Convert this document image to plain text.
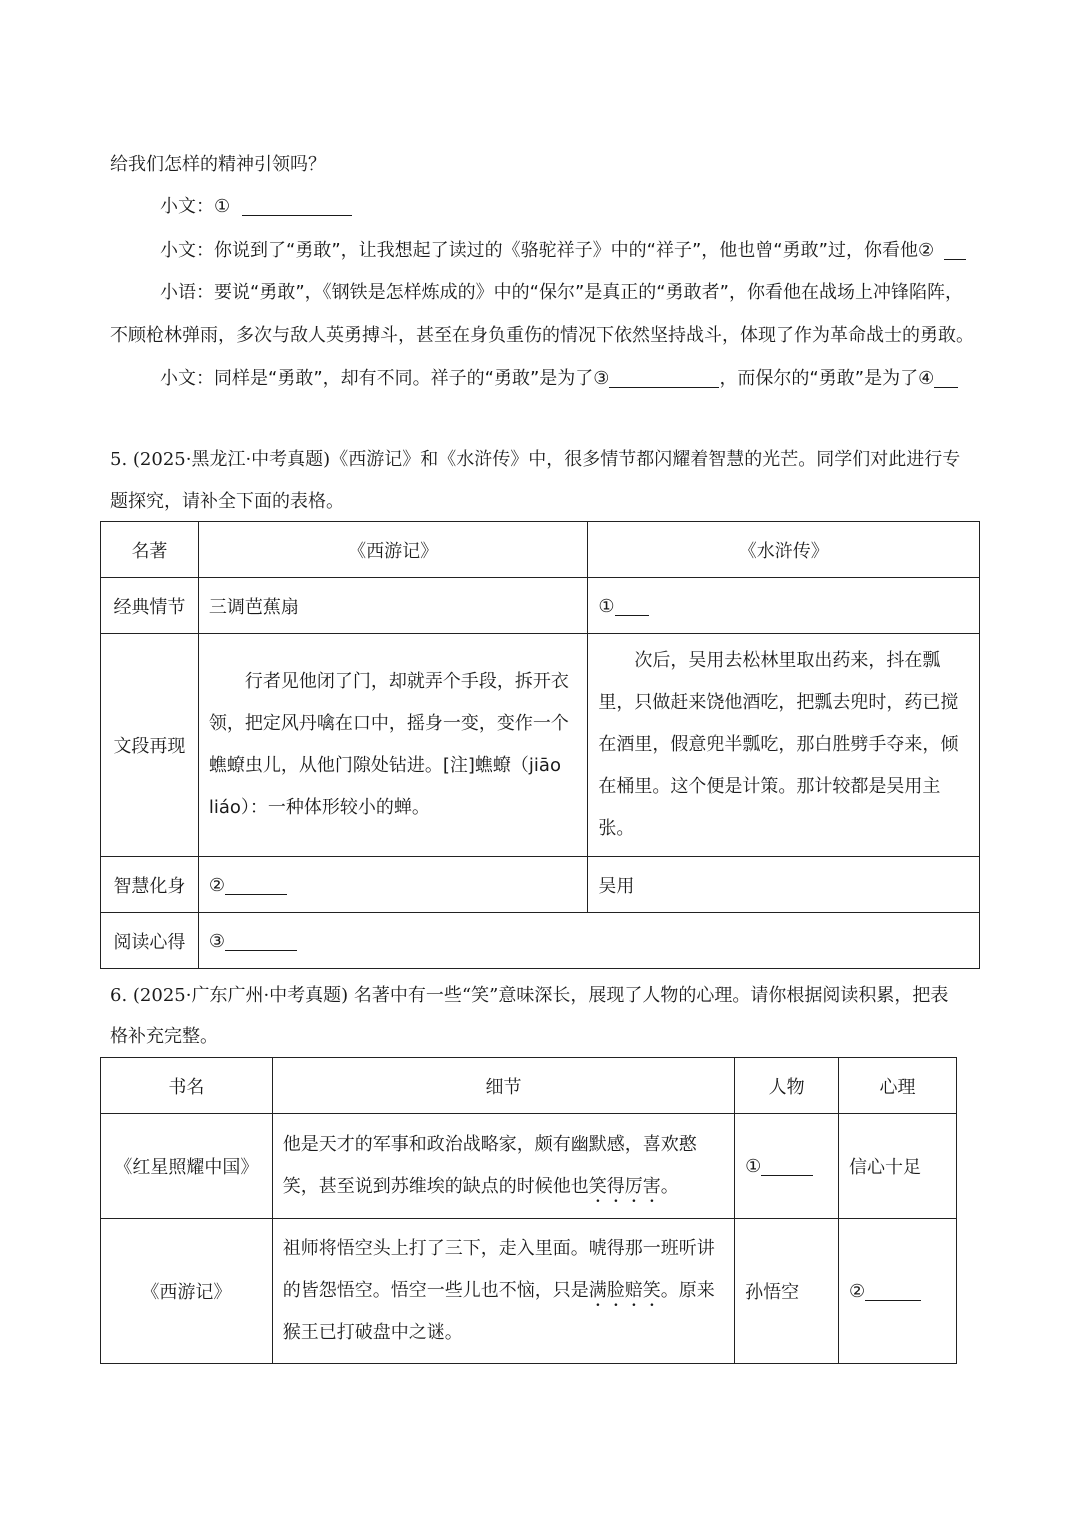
给我们怎样的精神引领吗？
小文：①
小文：你说到了“勇敢”，让我想起了读过的《骆驼祥子》中的“祥子”，他也曾“勇敢”过，你看他②
小语：要说“勇敢”，《钢铁是怎样炼成的》中的“保尔”是真正的“勇敢者”，你看他在战场上冲锋陷阵，
不顾枪林弹雨，多次与敌人英勇搏斗，甚至在身负重伤的情况下依然坚持战斗，体现了作为革命战士的勇敢。
小文：同样是“勇敢”，却有不同。祥子的“勇敢”是为了③	，而保尔的“勇敢”是为了④
5. (2025·黑龙江·中考真题)《西游记》和《水浒传》中，很多情节都闪耀着智慧的光芒。同学们对此进行专
题探究，请补全下面的表格。
名著	《西游记》	《水浒传》
经典情节	三调芭蕉扇	①
文段再现	行者见他闭了门，却就弄个手段，拆开衣领，把定风丹噙在口中，摇身一变，变作一个蟭蟟虫儿，从他门隙处钻进。[注]蟭蟟（jiāo liáo）：一种体形较小的蝉。	次后，吴用去松林里取出药来，抖在瓢里，只做赶来饶他酒吃，把瓢去兜时，药已搅在酒里，假意兜半瓢吃，那白胜劈手夺来，倾在桶里。这个便是计策。那计较都是吴用主张。
智慧化身	②	吴用
阅读心得	③	
6. (2025·广东广州·中考真题) 名著中有一些“笑”意味深长，展现了人物的心理。请你根据阅读积累，把表
格补充完整。
书名	细节	人物	心理
《红星照耀中国》	他是天才的军事和政治战略家，颇有幽默感，喜欢憨笑，甚至说到苏维埃的缺点的时候他也笑得厉害。	①	信心十足
《西游记》	祖师将悟空头上打了三下，走入里面。唬得那一班听讲的皆怨悟空。悟空一些儿也不恼，只是满脸赔笑。原来猴王已打破盘中之谜。	孙悟空	②
